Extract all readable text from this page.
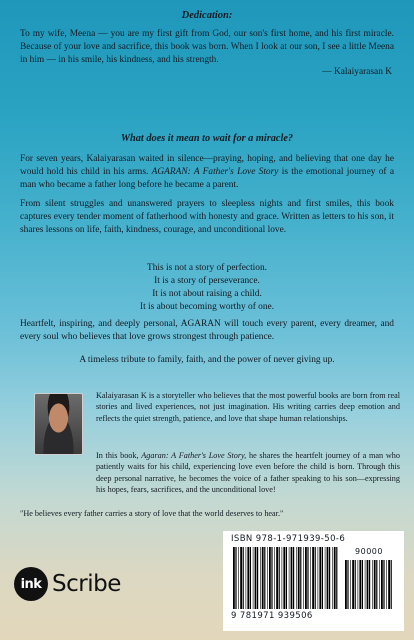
Dedication:
To my wife, Meena — you are my first gift from God, our son's first home, and his first miracle. Because of your love and sacrifice, this book was born. When I look at our son, I see a little Meena in him — in his smile, his kindness, and his strength.
— Kalaiyarasan K
What does it mean to wait for a miracle?
For seven years, Kalaiyarasan waited in silence—praying, hoping, and believing that one day he would hold his child in his arms. AGARAN: A Father's Love Story is the emotional journey of a man who became a father long before he became a parent.
From silent struggles and unanswered prayers to sleepless nights and first smiles, this book captures every tender moment of fatherhood with honesty and grace. Written as letters to his son, it shares lessons on life, faith, kindness, courage, and unconditional love.
This is not a story of perfection.
It is a story of perseverance.
It is not about raising a child.
It is about becoming worthy of one.
Heartfelt, inspiring, and deeply personal, AGARAN will touch every parent, every dreamer, and every soul who believes that love grows strongest through patience.
A timeless tribute to family, faith, and the power of never giving up.
Kalaiyarasan K is a storyteller who believes that the most powerful books are born from real stories and lived experiences, not just imagination. His writing carries deep emotion and reflects the quiet strength, patience, and love that shape human relationships.
In this book, Agaran: A Father's Love Story, he shares the heartfelt journey of a man who patiently waits for his child, experiencing love even before the child is born. Through this deep personal narrative, he becomes the voice of a father speaking to his son—expressing his hopes, fears, sacrifices, and the unconditional love!
"He believes every father carries a story of love that the world deserves to hear."
ink Scribe
ISBN 978-1-971939-50-6
90000
9 781971 939506
